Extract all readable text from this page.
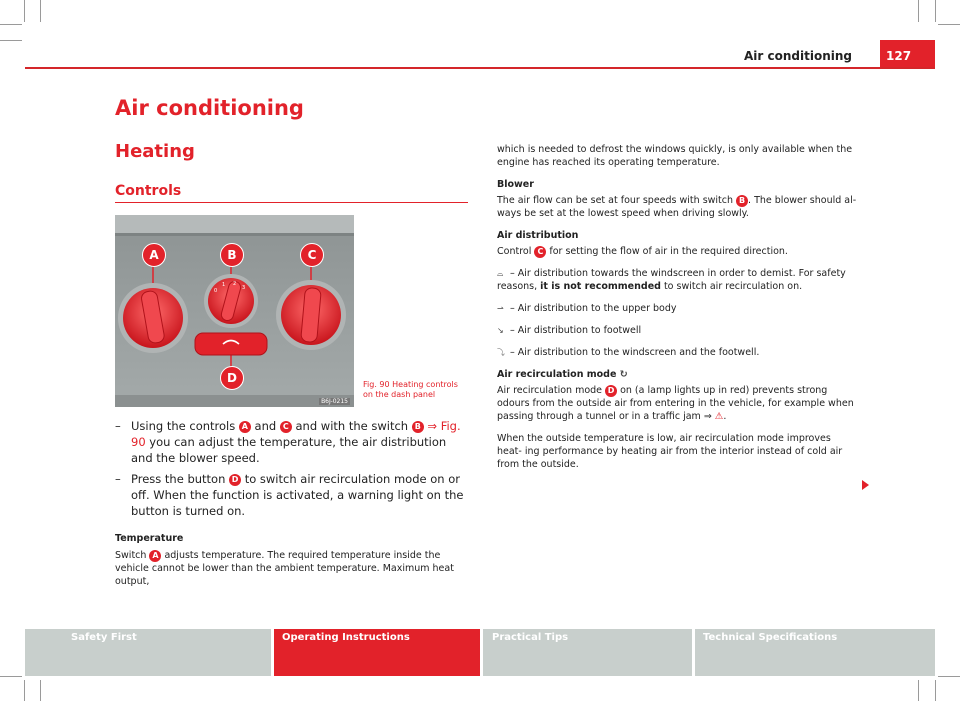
Air conditioning	127
Air conditioning
Heating
Controls
0
1 2
3
A	B	C
D
B6J-0215
Fig. 90 Heating controls on the dash panel
– Using the controls A and C and with the switch B ⇒ Fig. 90 you can adjust the temperature, the air distribution and the blower speed.
– Press the button D to switch air recirculation mode on or off. When the function is activated, a warning light on the button is turned on.
Temperature
Switch A adjusts temperature. The required temperature inside the vehicle cannot be lower than the ambient temperature. Maximum heat output,
which is needed to defrost the windows quickly, is only available when the engine has reached its operating temperature.
Blower
The air flow can be set at four speeds with switch B . The blower should al- ways be set at the lowest speed when driving slowly.
Air distribution
Control C for setting the flow of air in the required direction.
⌓ – Air distribution towards the windscreen in order to demist. For safety reasons, it is not recommended to switch air recirculation on.
⇀ – Air distribution to the upper body
↘ – Air distribution to footwell
⤵ – Air distribution to the windscreen and the footwell.
Air recirculation mode ↻
Air recirculation mode D on (a lamp lights up in red) prevents strong odours from the outside air from entering in the vehicle, for example when passing through a tunnel or in a traffic jam ⇒ ⚠.
When the outside temperature is low, air recirculation mode improves heat- ing performance by heating air from the interior instead of cold air from the outside.
Safety First	Operating Instructions	Practical Tips	Technical Specifications
